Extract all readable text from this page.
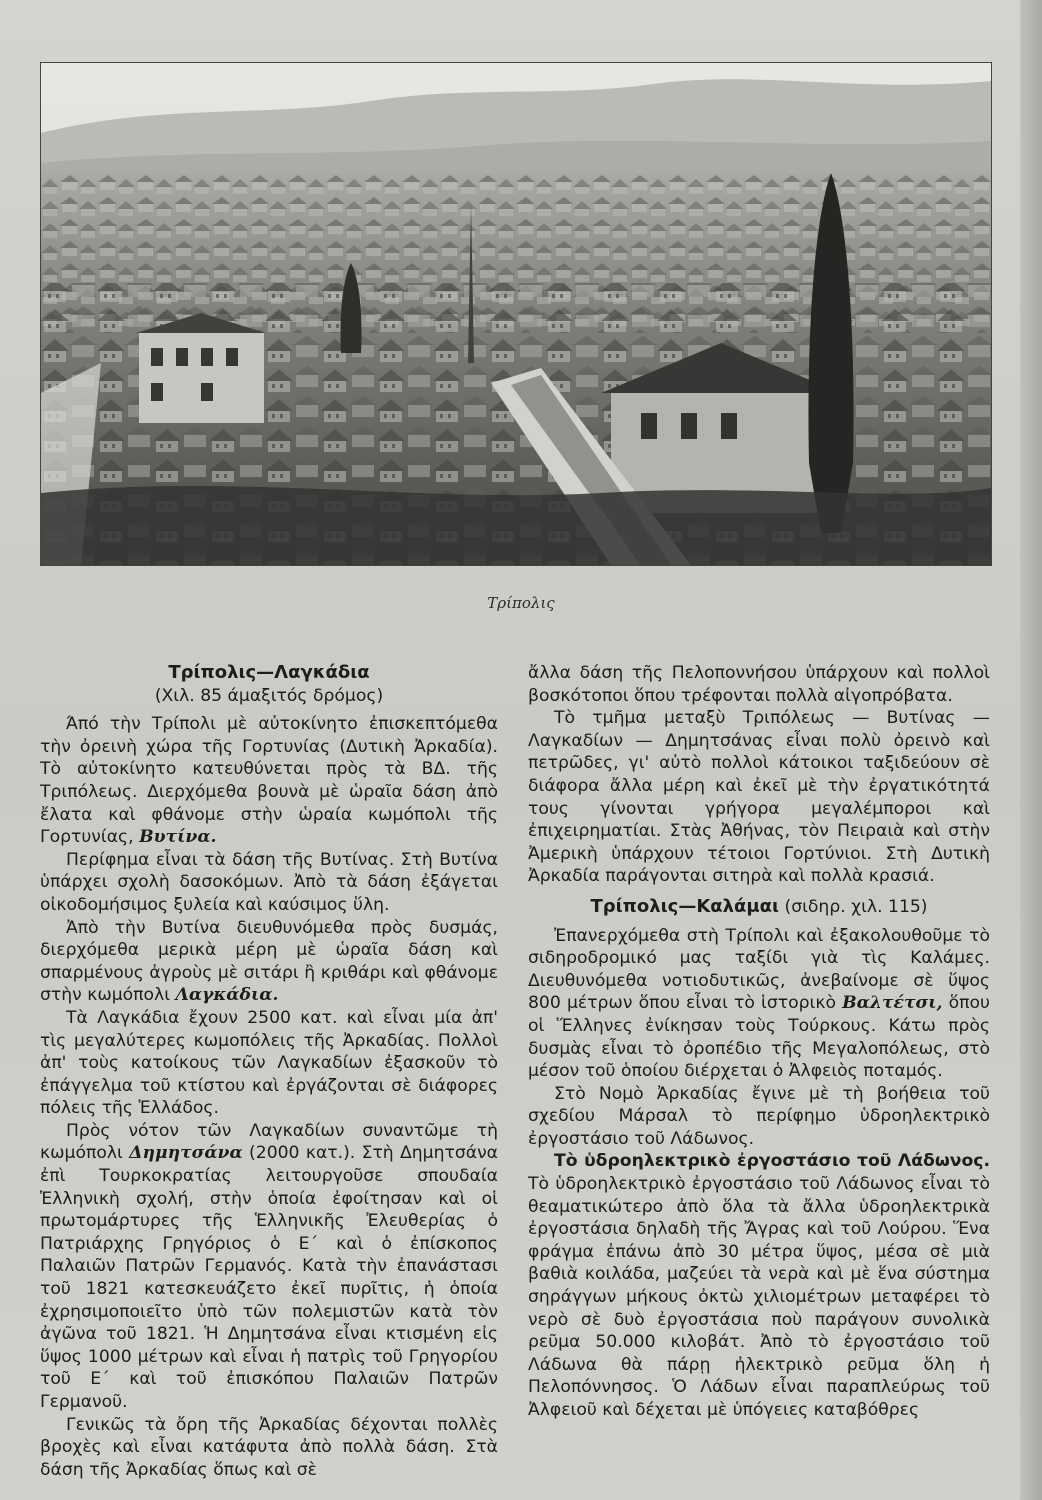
Τρίπολις

Τρίπολις—Λαγκάδια

(Χιλ. 85 άμαξιτός δρόμος)

Άπό τὴν Τρίπολι μὲ αὐτοκίνητο ἐπισκεπτόμεθα τὴν ὀρεινὴ χώρα τῆς Γορτυνίας (Δυτικὴ Ἀρκαδία). Τὸ αὐτοκίνητο κατευθύνεται πρὸς τὰ ΒΔ. τῆς Τριπόλεως. Διερχόμεθα βουνὰ μὲ ὡραῖα δάση ἀπὸ ἔλατα καὶ φθάνομε στὴν ὡραία κωμόπολι τῆς Γορτυνίας, Βυτίνα.

Περίφημα εἶναι τὰ δάση τῆς Βυτίνας. Στὴ Βυτίνα ὑπάρχει σχολὴ δασοκόμων. Ἀπὸ τὰ δάση ἐξάγεται οἰκοδομήσιμος ξυλεία καὶ καύσιμος ὕλη.

Ἀπὸ τὴν Βυτίνα διευθυνόμεθα πρὸς δυσμάς, διερχόμεθα μερικὰ μέρη μὲ ὡραῖα δάση καὶ σπαρμένους ἀγροὺς μὲ σιτάρι ἢ κριθάρι καὶ φθάνομε στὴν κωμόπολι Λαγκάδια.

Τὰ Λαγκάδια ἔχουν 2500 κατ. καὶ εἶναι μία ἀπ' τὶς μεγαλύτερες κωμοπόλεις τῆς Ἀρκαδίας. Πολλοὶ ἀπ' τοὺς κατοίκους τῶν Λαγκαδίων ἐξασκοῦν τὸ ἐπάγγελμα τοῦ κτίστου καὶ ἐργάζονται σὲ διάφορες πόλεις τῆς Ἑλλάδος.

Πρὸς νότον τῶν Λαγκαδίων συναντῶμε τὴ κωμόπολι Δημητσάνα (2000 κατ.). Στὴ Δημητσάνα ἐπὶ Τουρκοκρατίας λειτουργοῦσε σπουδαία Ἑλληνικὴ σχολή, στὴν ὁποία ἐφοίτησαν καὶ οἱ πρωτομάρτυρες τῆς Ἑλληνικῆς Ἐλευθερίας ὁ Πατριάρχης Γρηγόριος ὁ Ε΄ καὶ ὁ ἐπίσκοπος Παλαιῶν Πατρῶν Γερμανός. Κατὰ τὴν ἐπανάστασι τοῦ 1821 κατεσκευάζετο ἐκεῖ πυρῖτις, ἡ ὁποία ἐχρησιμοποιεῖτο ὑπὸ τῶν πολεμιστῶν κατὰ τὸν ἀγῶνα τοῦ 1821. Ἡ Δημητσάνα εἶναι κτισμένη εἰς ὕψος 1000 μέτρων καὶ εἶναι ἡ πατρὶς τοῦ Γρηγορίου τοῦ Ε΄ καὶ τοῦ ἐπισκόπου Παλαιῶν Πατρῶν Γερμανοῦ.

Γενικῶς τὰ ὄρη τῆς Ἀρκαδίας δέχονται πολλὲς βροχὲς καὶ εἶναι κατάφυτα ἀπὸ πολλὰ δάση. Στὰ δάση τῆς Ἀρκαδίας ὅπως καὶ σὲ

ἄλλα δάση τῆς Πελοποννήσου ὑπάρχουν καὶ πολλοὶ βοσκότοποι ὅπου τρέφονται πολλὰ αἰγοπρόβατα.

Τὸ τμῆμα μεταξὺ Τριπόλεως — Βυτίνας — Λαγκαδίων — Δημητσάνας εἶναι πολὺ ὀρεινὸ καὶ πετρῶδες, γι' αὐτὸ πολλοὶ κάτοικοι ταξιδεύουν σὲ διάφορα ἄλλα μέρη καὶ ἐκεῖ μὲ τὴν ἐργατικότητά τους γίνονται γρήγορα μεγαλέμποροι καὶ ἐπιχειρηματίαι. Στὰς Ἀθήνας, τὸν Πειραιὰ καὶ στὴν Ἀμερικὴ ὑπάρχουν τέτοιοι Γορτύνιοι. Στὴ Δυτικὴ Ἀρκαδία παράγονται σιτηρὰ καὶ πολλὰ κρασιά.

Τρίπολις—Καλάμαι (σιδηρ. χιλ. 115)

Ἐπανερχόμεθα στὴ Τρίπολι καὶ ἐξακολουθοῦμε τὸ σιδηροδρομικό μας ταξίδι γιὰ τὶς Καλάμες. Διευθυνόμεθα νοτιοδυτικῶς, ἀνεβαίνομε σὲ ὕψος 800 μέτρων ὅπου εἶναι τὸ ἱστορικὸ Βαλτέτσι, ὅπου οἱ Ἕλληνες ἐνίκησαν τοὺς Τούρκους. Κάτω πρὸς δυσμὰς εἶναι τὸ ὀροπέδιο τῆς Μεγαλοπόλεως, στὸ μέσον τοῦ ὁποίου διέρχεται ὁ Ἀλφειὸς ποταμός.

Στὸ Νομὸ Ἀρκαδίας ἔγινε μὲ τὴ βοήθεια τοῦ σχεδίου Μάρσαλ τὸ περίφημο ὑδροηλεκτρικὸ ἐργοστάσιο τοῦ Λάδωνος.

Τὸ ὑδροηλεκτρικὸ ἐργοστάσιο τοῦ Λάδωνος. Τὸ ὑδροηλεκτρικὸ ἐργοστάσιο τοῦ Λάδωνος εἶναι τὸ θεαματικώτερο ἀπὸ ὅλα τὰ ἄλλα ὑδροηλεκτρικὰ ἐργοστάσια δηλαδὴ τῆς Ἄγρας καὶ τοῦ Λούρου. Ἕνα φράγμα ἐπάνω ἀπὸ 30 μέτρα ὕψος, μέσα σὲ μιὰ βαθιὰ κοιλάδα, μαζεύει τὰ νερὰ καὶ μὲ ἕνα σύστημα σηράγγων μήκους ὀκτὼ χιλιομέτρων μεταφέρει τὸ νερὸ σὲ δυὸ ἐργοστάσια ποὺ παράγουν συνολικὰ ρεῦμα 50.000 κιλοβάτ. Ἀπὸ τὸ ἐργοστάσιο τοῦ Λάδωνα θὰ πάρῃ ἠλεκτρικὸ ρεῦμα ὅλη ἡ Πελοπόννησος. Ὁ Λάδων εἶναι παραπλεύρως τοῦ Ἀλφειοῦ καὶ δέχεται μὲ ὑπόγειες καταβόθρες
